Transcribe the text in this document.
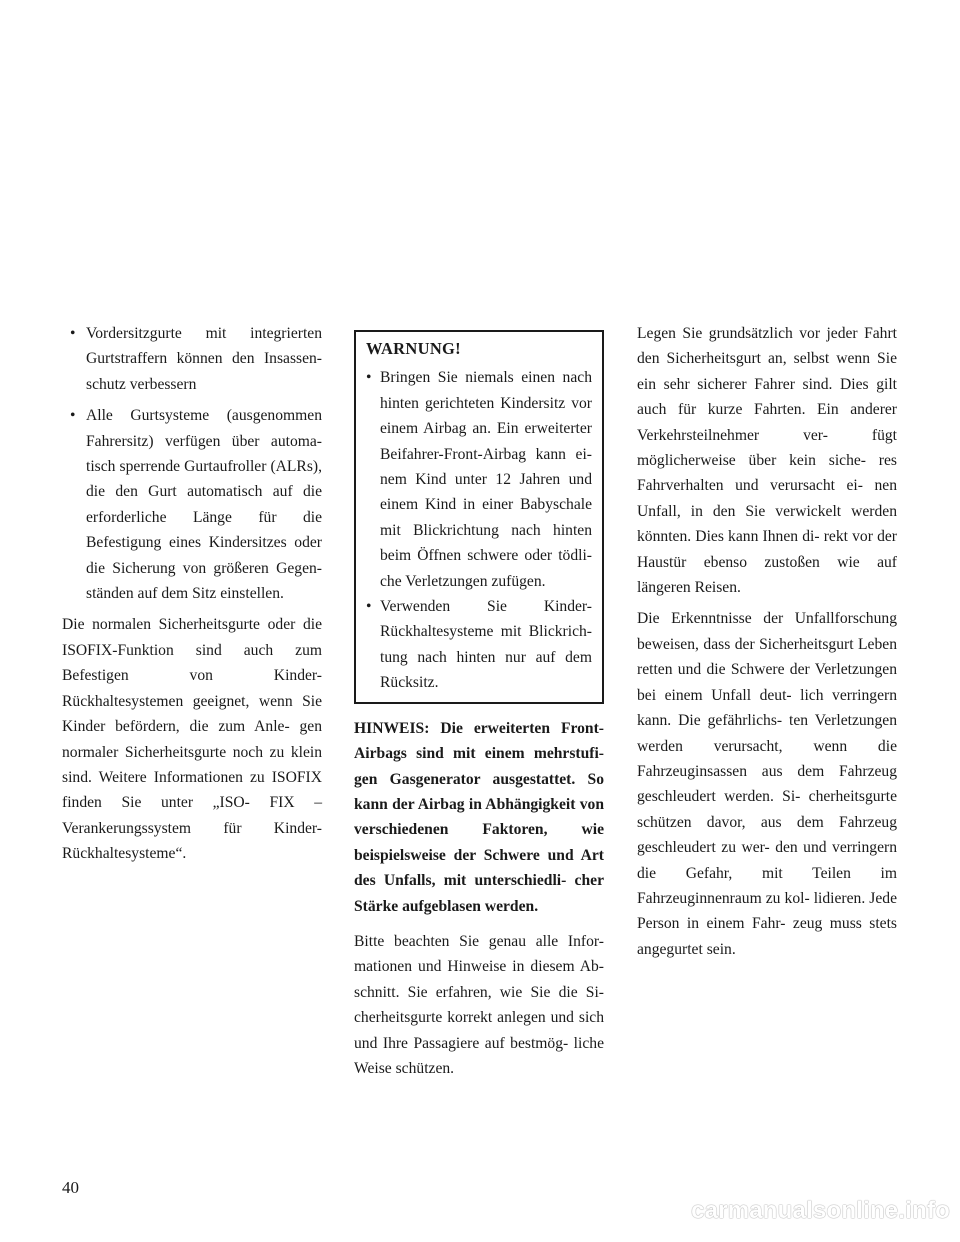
• Vordersitzgurte mit integrierten Gurtstraffern können den Insassen- schutz verbessern
• Alle Gurtsysteme (ausgenommen Fahrersitz) verfügen über automa- tisch sperrende Gurtaufroller (ALRs), die den Gurt automatisch auf die erforderliche Länge für die Befestigung eines Kindersitzes oder die Sicherung von größeren Gegen- ständen auf dem Sitz einstellen.

Die normalen Sicherheitsgurte oder die ISOFIX-Funktion sind auch zum Befestigen von Kinder- Rückhaltesystemen geeignet, wenn Sie Kinder befördern, die zum Anle- gen normaler Sicherheitsgurte noch zu klein sind. Weitere Informationen zu ISOFIX finden Sie unter „ISO- FIX – Verankerungssystem für Kinder-Rückhaltesysteme“.

WARNUNG!
• Bringen Sie niemals einen nach hinten gerichteten Kindersitz vor einem Airbag an. Ein erweiterter Beifahrer-Front-Airbag kann ei- nem Kind unter 12 Jahren und einem Kind in einer Babyschale mit Blickrichtung nach hinten beim Öffnen schwere oder tödli- che Verletzungen zufügen.
• Verwenden Sie Kinder- Rückhaltesysteme mit Blickrich- tung nach hinten nur auf dem Rücksitz.

HINWEIS: Die erweiterten Front- Airbags sind mit einem mehrstufi- gen Gasgenerator ausgestattet. So kann der Airbag in Abhängigkeit von verschiedenen Faktoren, wie beispielsweise der Schwere und Art des Unfalls, mit unterschiedli- cher Stärke aufgeblasen werden.

Bitte beachten Sie genau alle Infor- mationen und Hinweise in diesem Ab- schnitt. Sie erfahren, wie Sie die Si- cherheitsgurte korrekt anlegen und sich und Ihre Passagiere auf bestmög- liche Weise schützen.

Legen Sie grundsätzlich vor jeder Fahrt den Sicherheitsgurt an, selbst wenn Sie ein sehr sicherer Fahrer sind. Dies gilt auch für kurze Fahrten. Ein anderer Verkehrsteilnehmer ver- fügt möglicherweise über kein siche- res Fahrverhalten und verursacht ei- nen Unfall, in den Sie verwickelt werden könnten. Dies kann Ihnen di- rekt vor der Haustür ebenso zustoßen wie auf längeren Reisen.

Die Erkenntnisse der Unfallforschung beweisen, dass der Sicherheitsgurt Leben retten und die Schwere der Verletzungen bei einem Unfall deut- lich verringern kann. Die gefährlichs- ten Verletzungen werden verursacht, wenn die Fahrzeuginsassen aus dem Fahrzeug geschleudert werden. Si- cherheitsgurte schützen davor, aus dem Fahrzeug geschleudert zu wer- den und verringern die Gefahr, mit Teilen im Fahrzeuginnenraum zu kol- lidieren. Jede Person in einem Fahr- zeug muss stets angegurtet sein.

40
carmanualsonline.info
